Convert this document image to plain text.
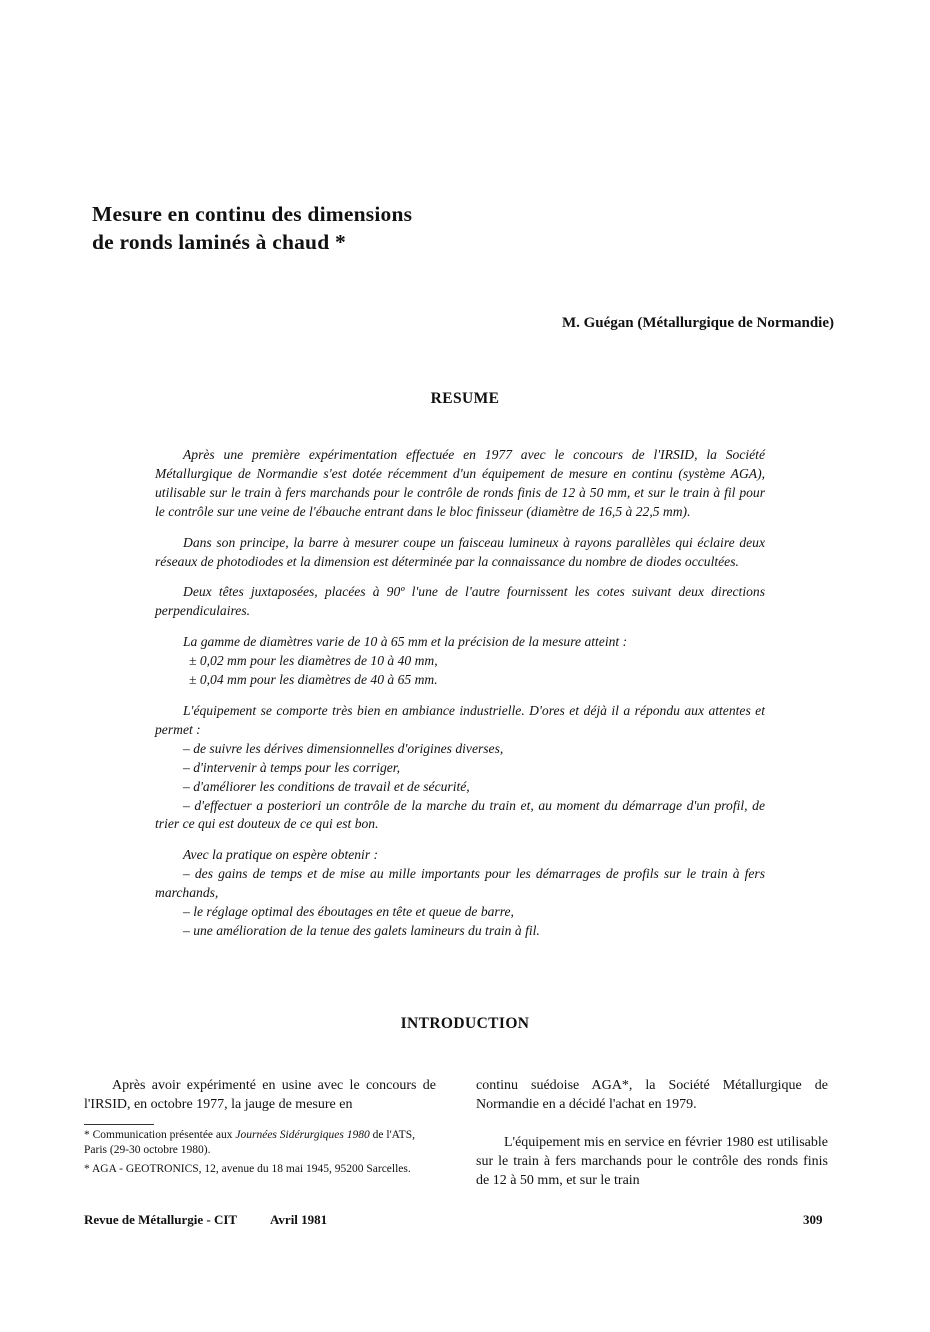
Mesure en continu des dimensions
de ronds laminés à chaud *
M. Guégan (Métallurgique de Normandie)
RESUME

Après une première expérimentation effectuée en 1977 avec le concours de l'IRSID, la Société Métallurgique de Normandie s'est dotée récemment d'un équipement de mesure en continu (système AGA), utilisable sur le train à fers marchands pour le contrôle de ronds finis de 12 à 50 mm, et sur le train à fil pour le contrôle sur une veine de l'ébauche entrant dans le bloc finisseur (diamètre de 16,5 à 22,5 mm).

Dans son principe, la barre à mesurer coupe un faisceau lumineux à rayons parallèles qui éclaire deux réseaux de photodiodes et la dimension est déterminée par la connaissance du nombre de diodes occultées.

Deux têtes juxtaposées, placées à 90º l'une de l'autre fournissent les cotes suivant deux directions perpendiculaires.

La gamme de diamètres varie de 10 à 65 mm et la précision de la mesure atteint :
± 0,02 mm pour les diamètres de 10 à 40 mm,
± 0,04 mm pour les diamètres de 40 à 65 mm.

L'équipement se comporte très bien en ambiance industrielle. D'ores et déjà il a répondu aux attentes et permet :
– de suivre les dérives dimensionnelles d'origines diverses,
– d'intervenir à temps pour les corriger,
– d'améliorer les conditions de travail et de sécurité,
– d'effectuer a posteriori un contrôle de la marche du train et, au moment du démarrage d'un profil, de trier ce qui est douteux de ce qui est bon.

Avec la pratique on espère obtenir :
– des gains de temps et de mise au mille importants pour les démarrages de profils sur le train à fers marchands,
– le réglage optimal des éboutages en tête et queue de barre,
– une amélioration de la tenue des galets lamineurs du train à fil.

INTRODUCTION

Après avoir expérimenté en usine avec le concours de l'IRSID, en octobre 1977, la jauge de mesure en

continu suédoise AGA*, la Société Métallurgique de Normandie en a décidé l'achat en 1979.

L'équipement mis en service en février 1980 est utilisable sur le train à fers marchands pour le contrôle des ronds finis de 12 à 50 mm, et sur le train

* Communication présentée aux Journées Sidérurgiques 1980 de l'ATS, Paris (29-30 octobre 1980).

* AGA - GEOTRONICS, 12, avenue du 18 mai 1945, 95200 Sarcelles.

Revue de Métallurgie - CIT	Avril 1981	309
